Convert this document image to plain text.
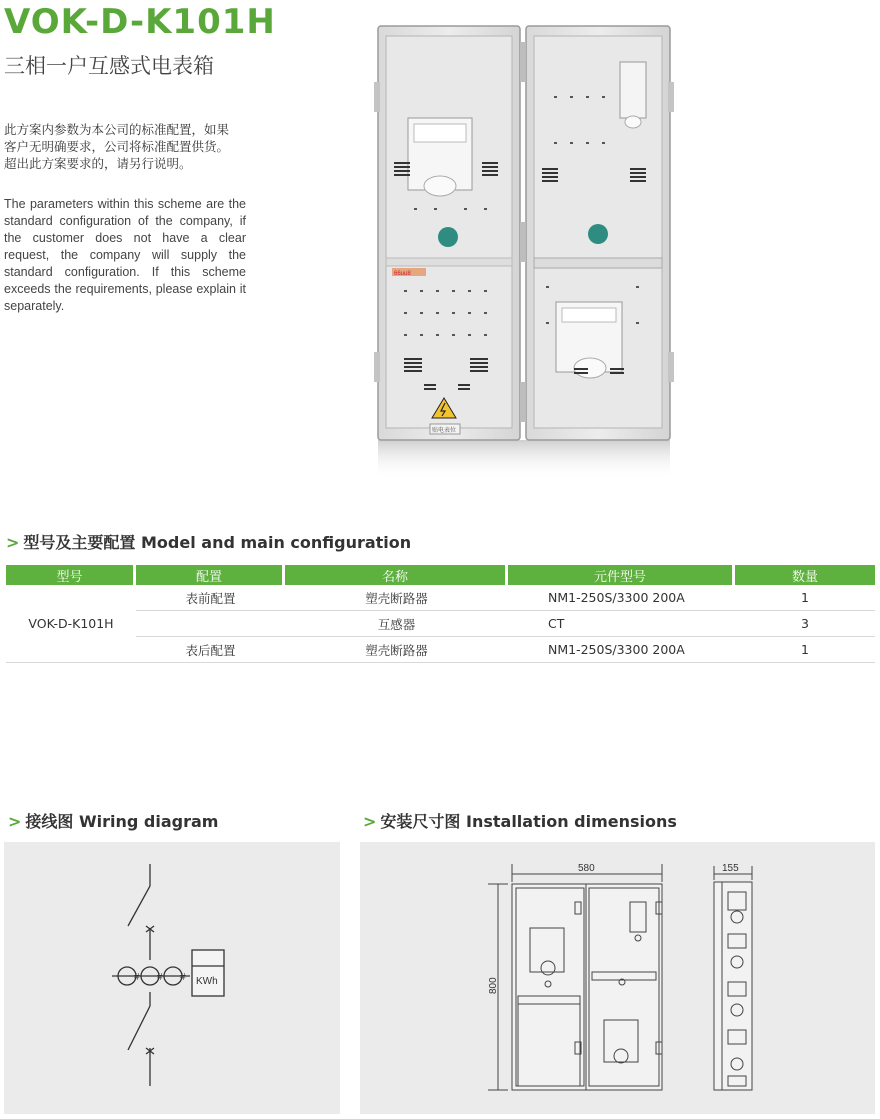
VOK-D-K101H
三相一户互感式电表箱
此方案内参数为本公司的标准配置，如果
客户无明确要求，公司将标准配置供货。
超出此方案要求的，请另行说明。
The parameters within this scheme are the standard configuration of the company, if the customer does not have a clear request, the company will supply the standard configuration. If this scheme exceeds the requirements, please explain it separately.
66uu8
贴电表位
> 型号及主要配置 Model and main configuration
型号	配置	名称	元件型号	数量
VOK-D-K101H	表前配置	塑壳断路器	NM1-250S/3300 200A	1
		互感器	CT	3
	表后配置	塑壳断路器	NM1-250S/3300 200A	1
> 接线图 Wiring diagram
# # # KWh
> 安装尺寸图 Installation dimensions
580
800
155
